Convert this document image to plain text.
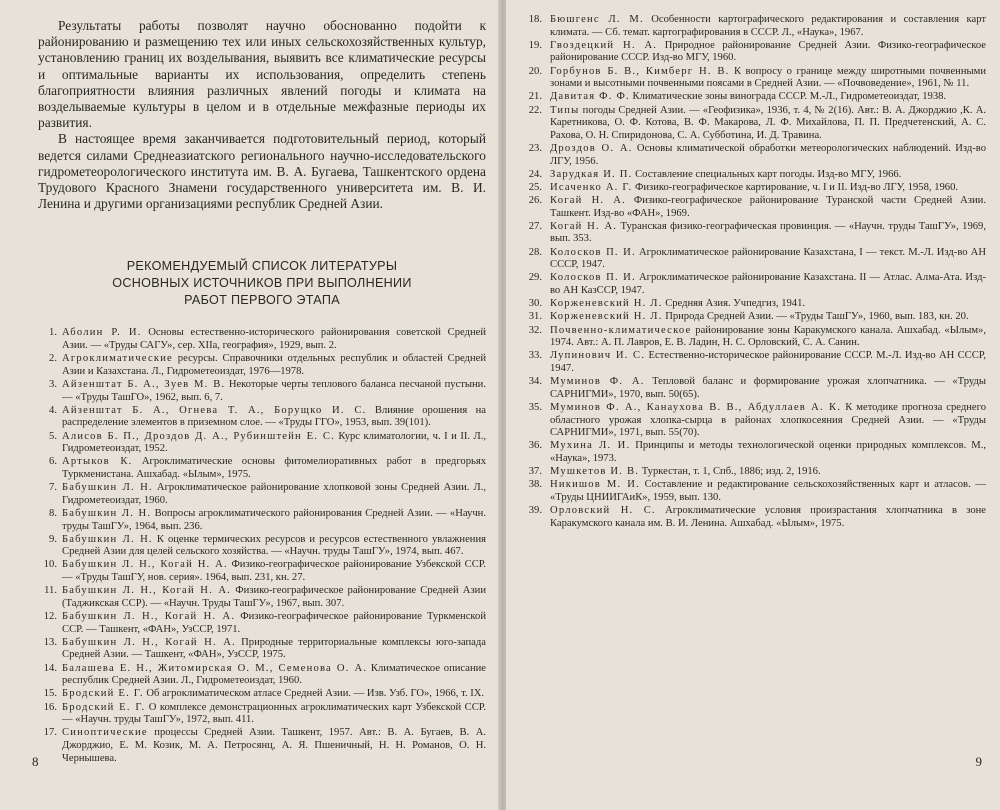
Результаты работы позволят научно обоснованно подойти к районированию и размещению тех или иных сельскохозяйственных культур, установлению границ их возделывания, выявить все климатические ресурсы и оптимальные варианты их использования, определить степень благоприятности влияния различных явлений погоды и климата на возделываемые культуры в целом и в отдельные межфазные периоды их развития.

В настоящее время заканчивается подготовительный период, который ведется силами Среднеазиатского регионального научно-исследовательского гидрометеорологического института им. В. А. Бугаева, Ташкентского ордена Трудового Красного Знамени государственного университета им. В. И. Ленина и другими организациями республик Средней Азии.

РЕКОМЕНДУЕМЫЙ СПИСОК ЛИТЕРАТУРЫ
ОСНОВНЫХ ИСТОЧНИКОВ ПРИ ВЫПОЛНЕНИИ
РАБОТ ПЕРВОГО ЭТАПА

1. Аболин Р. И. Основы естественно-исторического районирования советской Средней Азии. — «Труды САГУ», сер. XIIа, география», 1929, вып. 2.

2. Агроклиматические ресурсы. Справочники отдельных республик и областей Средней Азии и Казахстана. Л., Гидрометеоиздат, 1976—1978.

3. Айзенштат Б. А., Зуев М. В. Некоторые черты теплового баланса песчаной пустыни. — «Труды ТашГО», 1962, вып. 6, 7.

4. Айзенштат Б. А., Огнева Т. А., Борущко И. С. Влияние орошения на распределение элементов в приземном слое. — «Труды ГГО», 1953, вып. 39(101).

5. Алисов Б. П., Дроздов Д. А., Рубинштейн Е. С. Курс климатологии, ч. I и II. Л., Гидрометеоиздат, 1952.

6. Артыков К. Агроклиматические основы фитомелиоративных работ в предгорьях Туркменистана. Ашхабад. «Ылым», 1975.

7. Бабушкин Л. Н. Агроклиматическое районирование хлопковой зоны Средней Азии. Л., Гидрометеоиздат, 1960.

8. Бабушкин Л. Н. Вопросы агроклиматического районирования Средней Азии. — «Научн. труды ТашГУ», 1964, вып. 236.

9. Бабушкин Л. Н. К оценке термических ресурсов и ресурсов естественного увлажнения Средней Азии для целей сельского хозяйства. — «Научн. труды ТашГУ», 1974, вып. 467.

10. Бабушкин Л. Н., Когай Н. А. Физико-географическое районирование Узбекской ССР. — «Труды ТашГУ, нов. серия». 1964, вып. 231, кн. 27.

11. Бабушкин Л. Н., Когай Н. А. Физико-географическое районирование Средней Азии (Таджикская ССР). — «Научн. Труды ТашГУ», 1967, вып. 307.

12. Бабушкин Л. Н., Когай Н. А. Физико-географическое районирование Туркменской ССР. — Ташкент, «ФАН», УзССР, 1971.

13. Бабушкин Л. Н., Когай Н. А. Природные территориальные комплексы юго-запада Средней Азии. — Ташкент, «ФАН», УзССР, 1975.

14. Балашева Е. Н., Житомирская О. М., Семенова О. А. Климатическое описание республик Средней Азии. Л., Гидрометеоиздат, 1960.

15. Бродский Е. Г. Об агроклиматическом атласе Средней Азии. — Изв. Узб. ГО», 1966, т. IX.

16. Бродский Е. Г. О комплексе демонстрационных агроклиматических карт Узбекской ССР. — «Научн. труды ТашГУ», 1972, вып. 411.

17. Синоптические процессы Средней Азии. Ташкент, 1957. Авт.: В. А. Бугаев, В. А. Джорджио, Е. М. Козик, М. А. Петросянц, А. Я. Пшеничный, Н. Н. Романов, О. Н. Чернышева.

8

18. Бюшгенс Л. М. Особенности картографического редактирования и составления карт климата. — Сб. темат. картографирования в СССР. Л., «Наука», 1967.

19. Гвоздецкий Н. А. Природное районирование Средней Азии. Физико-географическое районирование СССР. Изд-во МГУ, 1960.

20. Горбунов Б. В., Кимберг Н. В. К вопросу о границе между широтными почвенными зонами и высотными почвенными поясами в Средней Азии. — «Почвоведение», 1961, № 11.

21. Давитая Ф. Ф. Климатические зоны винограда СССР. М.-Л., Гидрометеоиздат, 1938.

22. Типы погоды Средней Азии. — «Геофизика», 1936, т. 4, № 2(16). Авт.: В. А. Джорджио ,К. А. Каретникова, О. Ф. Котова, В. Ф. Макарова, Л. Ф. Михайлова, П. П. Предчетенский, А. С. Рахова, О. Н. Спиридонова, С. А. Субботина, И. Д. Травина.

23. Дроздов О. А. Основы климатической обработки метеорологических наблюдений. Изд-во ЛГУ, 1956.

24. Зарудкая И. П. Составление специальных карт погоды. Изд-во МГУ, 1966.

25. Исаченко А. Г. Физико-географическое картирование, ч. I и II. Изд-во ЛГУ, 1958, 1960.

26. Когай Н. А. Физико-географическое районирование Туранской части Средней Азии. Ташкент. Изд-во «ФАН», 1969.

27. Когай Н. А. Туранская физико-географическая провинция. — «Научн. труды ТашГУ», 1969, вып. 353.

28. Колосков П. И. Агроклиматическое районирование Казахстана, I — текст. М.-Л. Изд-во АН СССР, 1947.

29. Колосков П. И. Агроклиматическое районирование Казахстана. II — Атлас. Алма-Ата. Изд-во АН КазССР, 1947.

30. Корженевский Н. Л. Средняя Азия. Учпедгиз, 1941.

31. Корженевский Н. Л. Природа Средней Азии. — «Труды ТашГУ», 1960, вып. 183, кн. 20.

32. Почвенно-климатическое районирование зоны Каракумского канала. Ашхабад. «Ылым», 1974. Авт.: А. П. Лавров, Е. В. Ладин, Н. С. Орловский, С. А. Санин.

33. Лупинович И. С. Естественно-историческое районирование СССР. М.-Л. Изд-во АН СССР, 1947.

34. Муминов Ф. А. Тепловой баланс и формирование урожая хлопчатника. — «Труды САРНИГМИ», 1970, вып. 50(65).

35. Муминов Ф. А., Канаухова В. В., Абдуллаев А. К. К методике прогноза среднего областного урожая хлопка-сырца в районах хлопкосеяния Средней Азии. — «Труды САРНИГМИ», 1971, вып. 55(70).

36. Мухина Л. И. Принципы и методы технологической оценки природных комплексов. М., «Наука», 1973.

37. Мушкетов И. В. Туркестан, т. 1, Спб., 1886; изд. 2, 1916.

38. Никишов М. И. Составление и редактирование сельскохозяйственных карт и атласов. — «Труды ЦНИИГАиК», 1959, вып. 130.

39. Орловский Н. С. Агроклиматические условия произрастания хлопчатника в зоне Каракумского канала им. В. И. Ленина. Ашхабад. «Ылым», 1975.

9
